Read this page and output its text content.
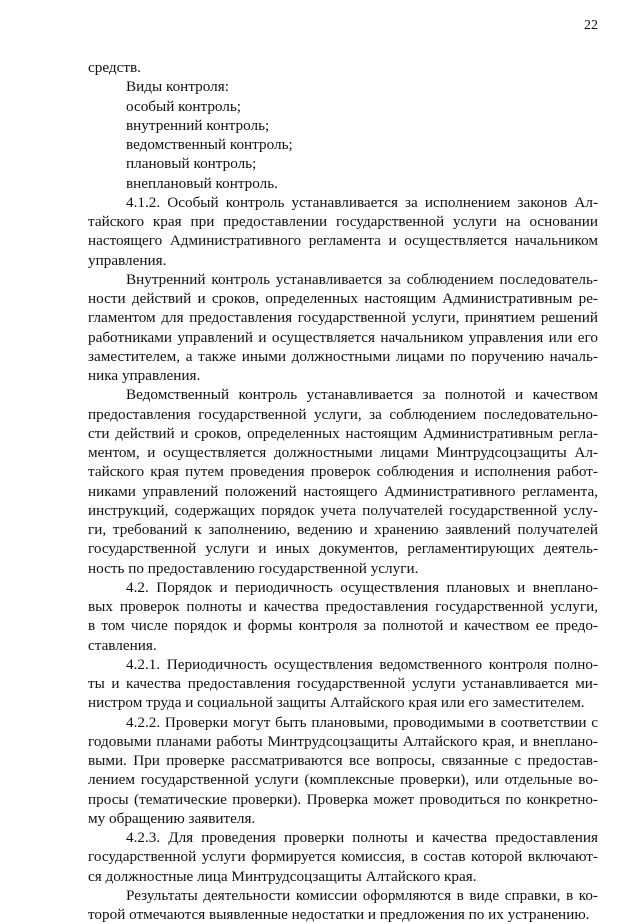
22
средств.
Виды контроля:
особый контроль;
внутренний контроль;
ведомственный контроль;
плановый контроль;
внеплановый контроль.
4.1.2. Особый контроль устанавливается за исполнением законов Ал-
тайского края при предоставлении государственной услуги на основании
настоящего Административного регламента и осуществляется начальником
управления.
Внутренний контроль устанавливается за соблюдением последователь-
ности действий и сроков, определенных настоящим Административным ре-
гламентом для предоставления государственной услуги, принятием решений
работниками управлений и осуществляется начальником управления или его
заместителем, а также иными должностными лицами по поручению началь-
ника управления.
Ведомственный контроль устанавливается за полнотой и качеством
предоставления государственной услуги, за соблюдением последовательно-
сти действий и сроков, определенных настоящим Административным регла-
ментом, и осуществляется должностными лицами Минтрудсоцзащиты Ал-
тайского края путем проведения проверок соблюдения и исполнения работ-
никами управлений положений настоящего Административного регламента,
инструкций, содержащих порядок учета получателей государственной услу-
ги, требований к заполнению, ведению и хранению заявлений получателей
государственной услуги и иных документов, регламентирующих деятель-
ность по предоставлению государственной услуги.
4.2. Порядок и периодичность осуществления плановых и внеплано-
вых проверок полноты и качества предоставления государственной услуги,
в том числе порядок и формы контроля за полнотой и качеством ее предо-
ставления.
4.2.1. Периодичность осуществления ведомственного контроля полно-
ты и качества предоставления государственной услуги устанавливается ми-
нистром труда и социальной защиты Алтайского края или его заместителем.
4.2.2. Проверки могут быть плановыми, проводимыми в соответствии с
годовыми планами работы Минтрудсоцзащиты Алтайского края, и внеплано-
выми. При проверке рассматриваются все вопросы, связанные с предостав-
лением государственной услуги (комплексные проверки), или отдельные во-
просы (тематические проверки). Проверка может проводиться по конкретно-
му обращению заявителя.
4.2.3. Для проведения проверки полноты и качества предоставления
государственной услуги формируется комиссия, в состав которой включают-
ся должностные лица Минтрудсоцзащиты Алтайского края.
Результаты деятельности комиссии оформляются в виде справки, в ко-
торой отмечаются выявленные недостатки и предложения по их устранению.
